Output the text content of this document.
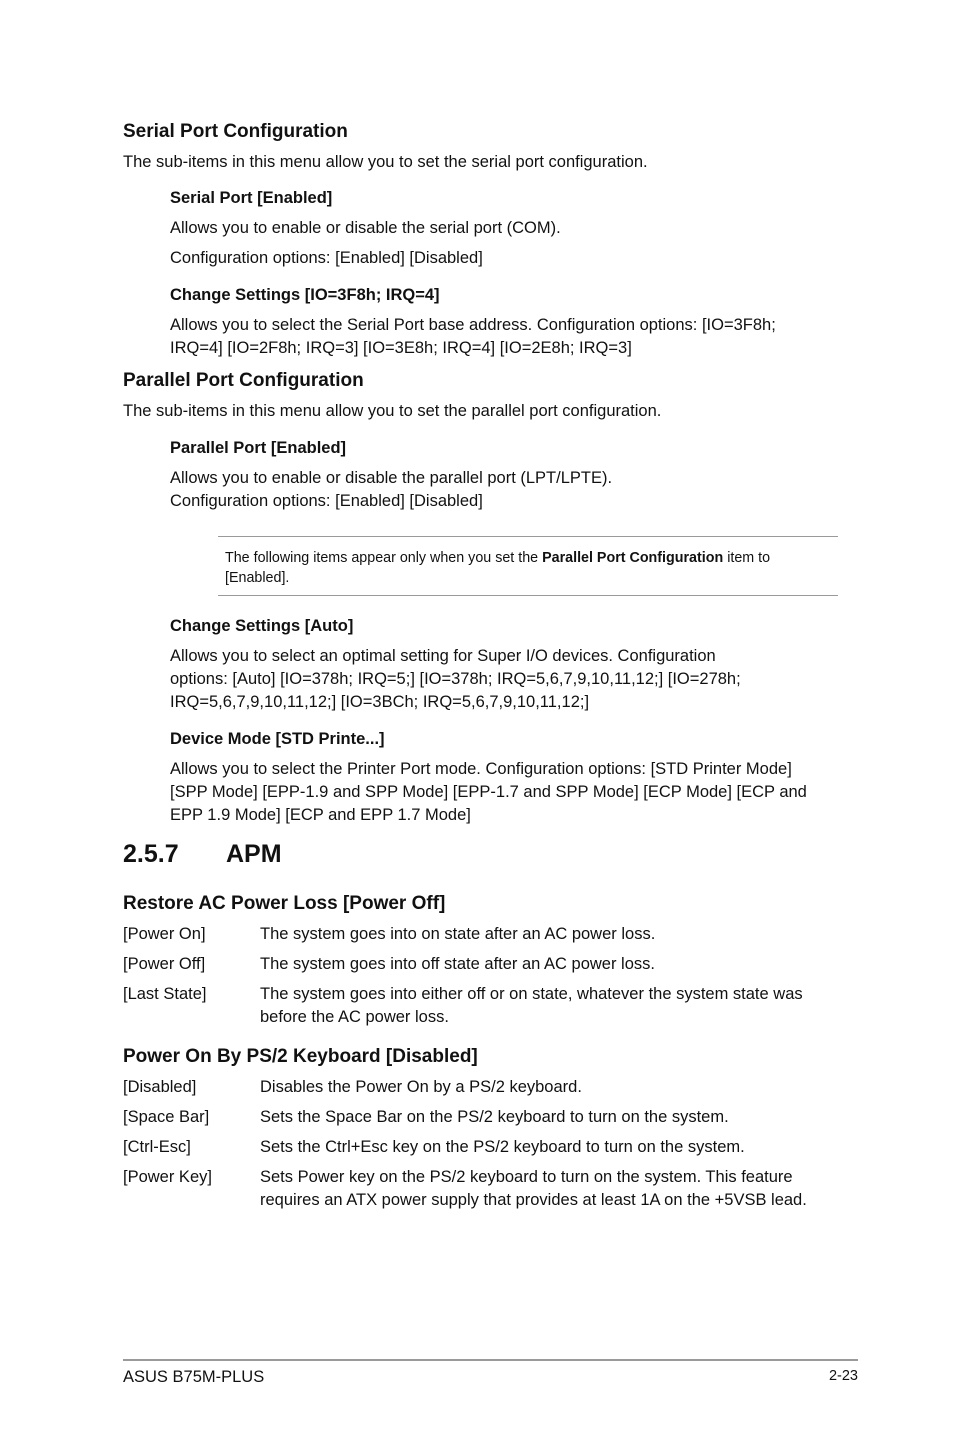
Serial Port Configuration
The sub-items in this menu allow you to set the serial port configuration.
Serial Port [Enabled]
Allows you to enable or disable the serial port (COM).
Configuration options: [Enabled] [Disabled]
Change Settings [IO=3F8h; IRQ=4]
Allows you to select the Serial Port base address. Configuration options: [IO=3F8h;
IRQ=4] [IO=2F8h; IRQ=3] [IO=3E8h; IRQ=4] [IO=2E8h; IRQ=3]
Parallel Port Configuration
The sub-items in this menu allow you to set the parallel port configuration.
Parallel Port [Enabled]
Allows you to enable or disable the parallel port (LPT/LPTE).
Configuration options: [Enabled] [Disabled]
The following items appear only when you set the Parallel Port Configuration item to
[Enabled].
Change Settings [Auto]
Allows you to select an optimal setting for Super I/O devices. Configuration
options: [Auto] [IO=378h; IRQ=5;] [IO=378h; IRQ=5,6,7,9,10,11,12;] [IO=278h;
IRQ=5,6,7,9,10,11,12;] [IO=3BCh; IRQ=5,6,7,9,10,11,12;]
Device Mode [STD Printe...]
Allows you to select the Printer Port mode. Configuration options: [STD Printer Mode]
[SPP Mode] [EPP-1.9 and SPP Mode] [EPP-1.7 and SPP Mode] [ECP Mode] [ECP and
EPP 1.9 Mode] [ECP and EPP 1.7 Mode]
2.5.7 APM
Restore AC Power Loss [Power Off]
[Power On]	The system goes into on state after an AC power loss.
[Power Off]	The system goes into off state after an AC power loss.
[Last State]	The system goes into either off or on state, whatever the system state was
before the AC power loss.
Power On By PS/2 Keyboard [Disabled]
[Disabled]	Disables the Power On by a PS/2 keyboard.
[Space Bar]	Sets the Space Bar on the PS/2 keyboard to turn on the system.
[Ctrl-Esc]	Sets the Ctrl+Esc key on the PS/2 keyboard to turn on the system.
[Power Key]	Sets Power key on the PS/2 keyboard to turn on the system. This feature
requires an ATX power supply that provides at least 1A on the +5VSB lead.
ASUS B75M-PLUS	2-23
